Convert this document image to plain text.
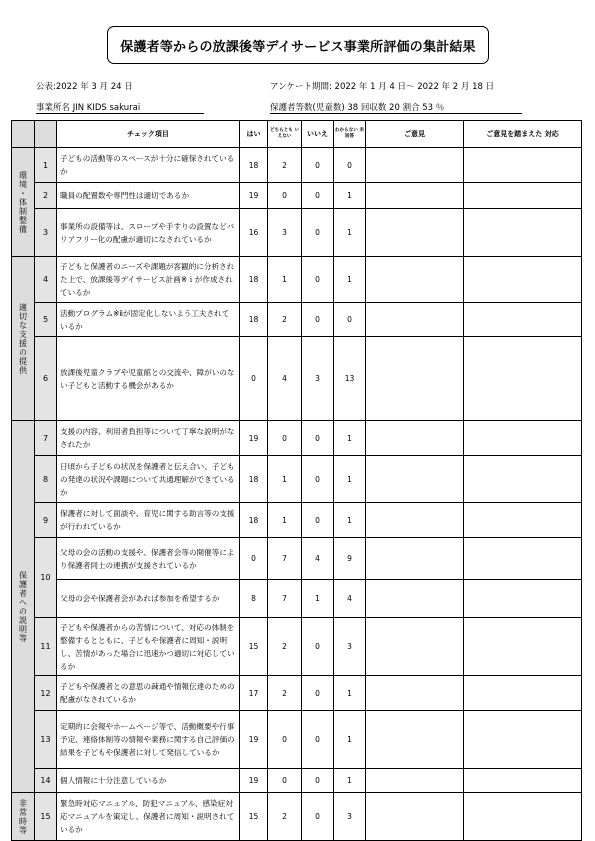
保護者等からの放課後等デイサービス事業所評価の集計結果
公表:2022 年 3 月 24 日	アンケート期間: 2022 年 1 月 4 日～ 2022 年 2 月 18 日
事業所名 JIN KIDS sakurai	保護者等数(児童数) 38 回収数 20 割合 53 ％
		チェック項目	はい	どちらとも いえない	いいえ	わからない 未回答	ご意見	ご意見を踏まえた 対応
環境・体制整備	1	子どもの活動等のスペースが十分に確保されているか	18	2	0	0		
	2	職員の配置数や専門性は適切であるか	19	0	0	1		
	3	事業所の設備等は、スロープや手すりの設置などバリアフリー化の配慮が適切になされているか	16	3	0	1		
適切な支援の提供	4	子どもと保護者のニーズや課題が客観的に分析された上で、放課後等デイサービス計画※ｉが作成されているか	18	1	0	1		
	5	活動プログラム※ⅱが固定化しないよう工夫されているか	18	2	0	0		
	6	放課後児童クラブや児童館との交流や、障がいのない子どもと活動する機会があるか	0	4	3	13		
保護者への説明等	7	支援の内容、利用者負担等について丁寧な説明がなされたか	19	0	0	1		
	8	日頃から子どもの状況を保護者と伝え合い、子どもの発達の状況や課題について共通理解ができているか	18	1	0	1		
	9	保護者に対して面談や、育児に関する助言等の支援が行われているか	18	1	0	1		
	10	父母の会の活動の支援や、保護者会等の開催等により保護者同士の連携が支援されているか	0	7	4	9		
		父母の会や保護者会があれば参加を希望するか	8	7	1	4		
	11	子どもや保護者からの苦情について、対応の体制を整備するとともに、子どもや保護者に周知・説明し、苦情があった場合に迅速かつ適切に対応しているか	15	2	0	3		
	12	子どもや保護者との意思の疎通や情報伝達のための配慮がなされているか	17	2	0	1		
	13	定期的に会報やホームページ等で、活動概要や行事予定、連絡体制等の情報や業務に関する自己評価の結果を子どもや保護者に対して発信しているか	19	0	0	1		
	14	個人情報に十分注意しているか	19	0	0	1		
非常時等	15	緊急時対応マニュアル、防犯マニュアル、感染症対応マニュアルを策定し、保護者に周知・説明されているか	15	2	0	3		
